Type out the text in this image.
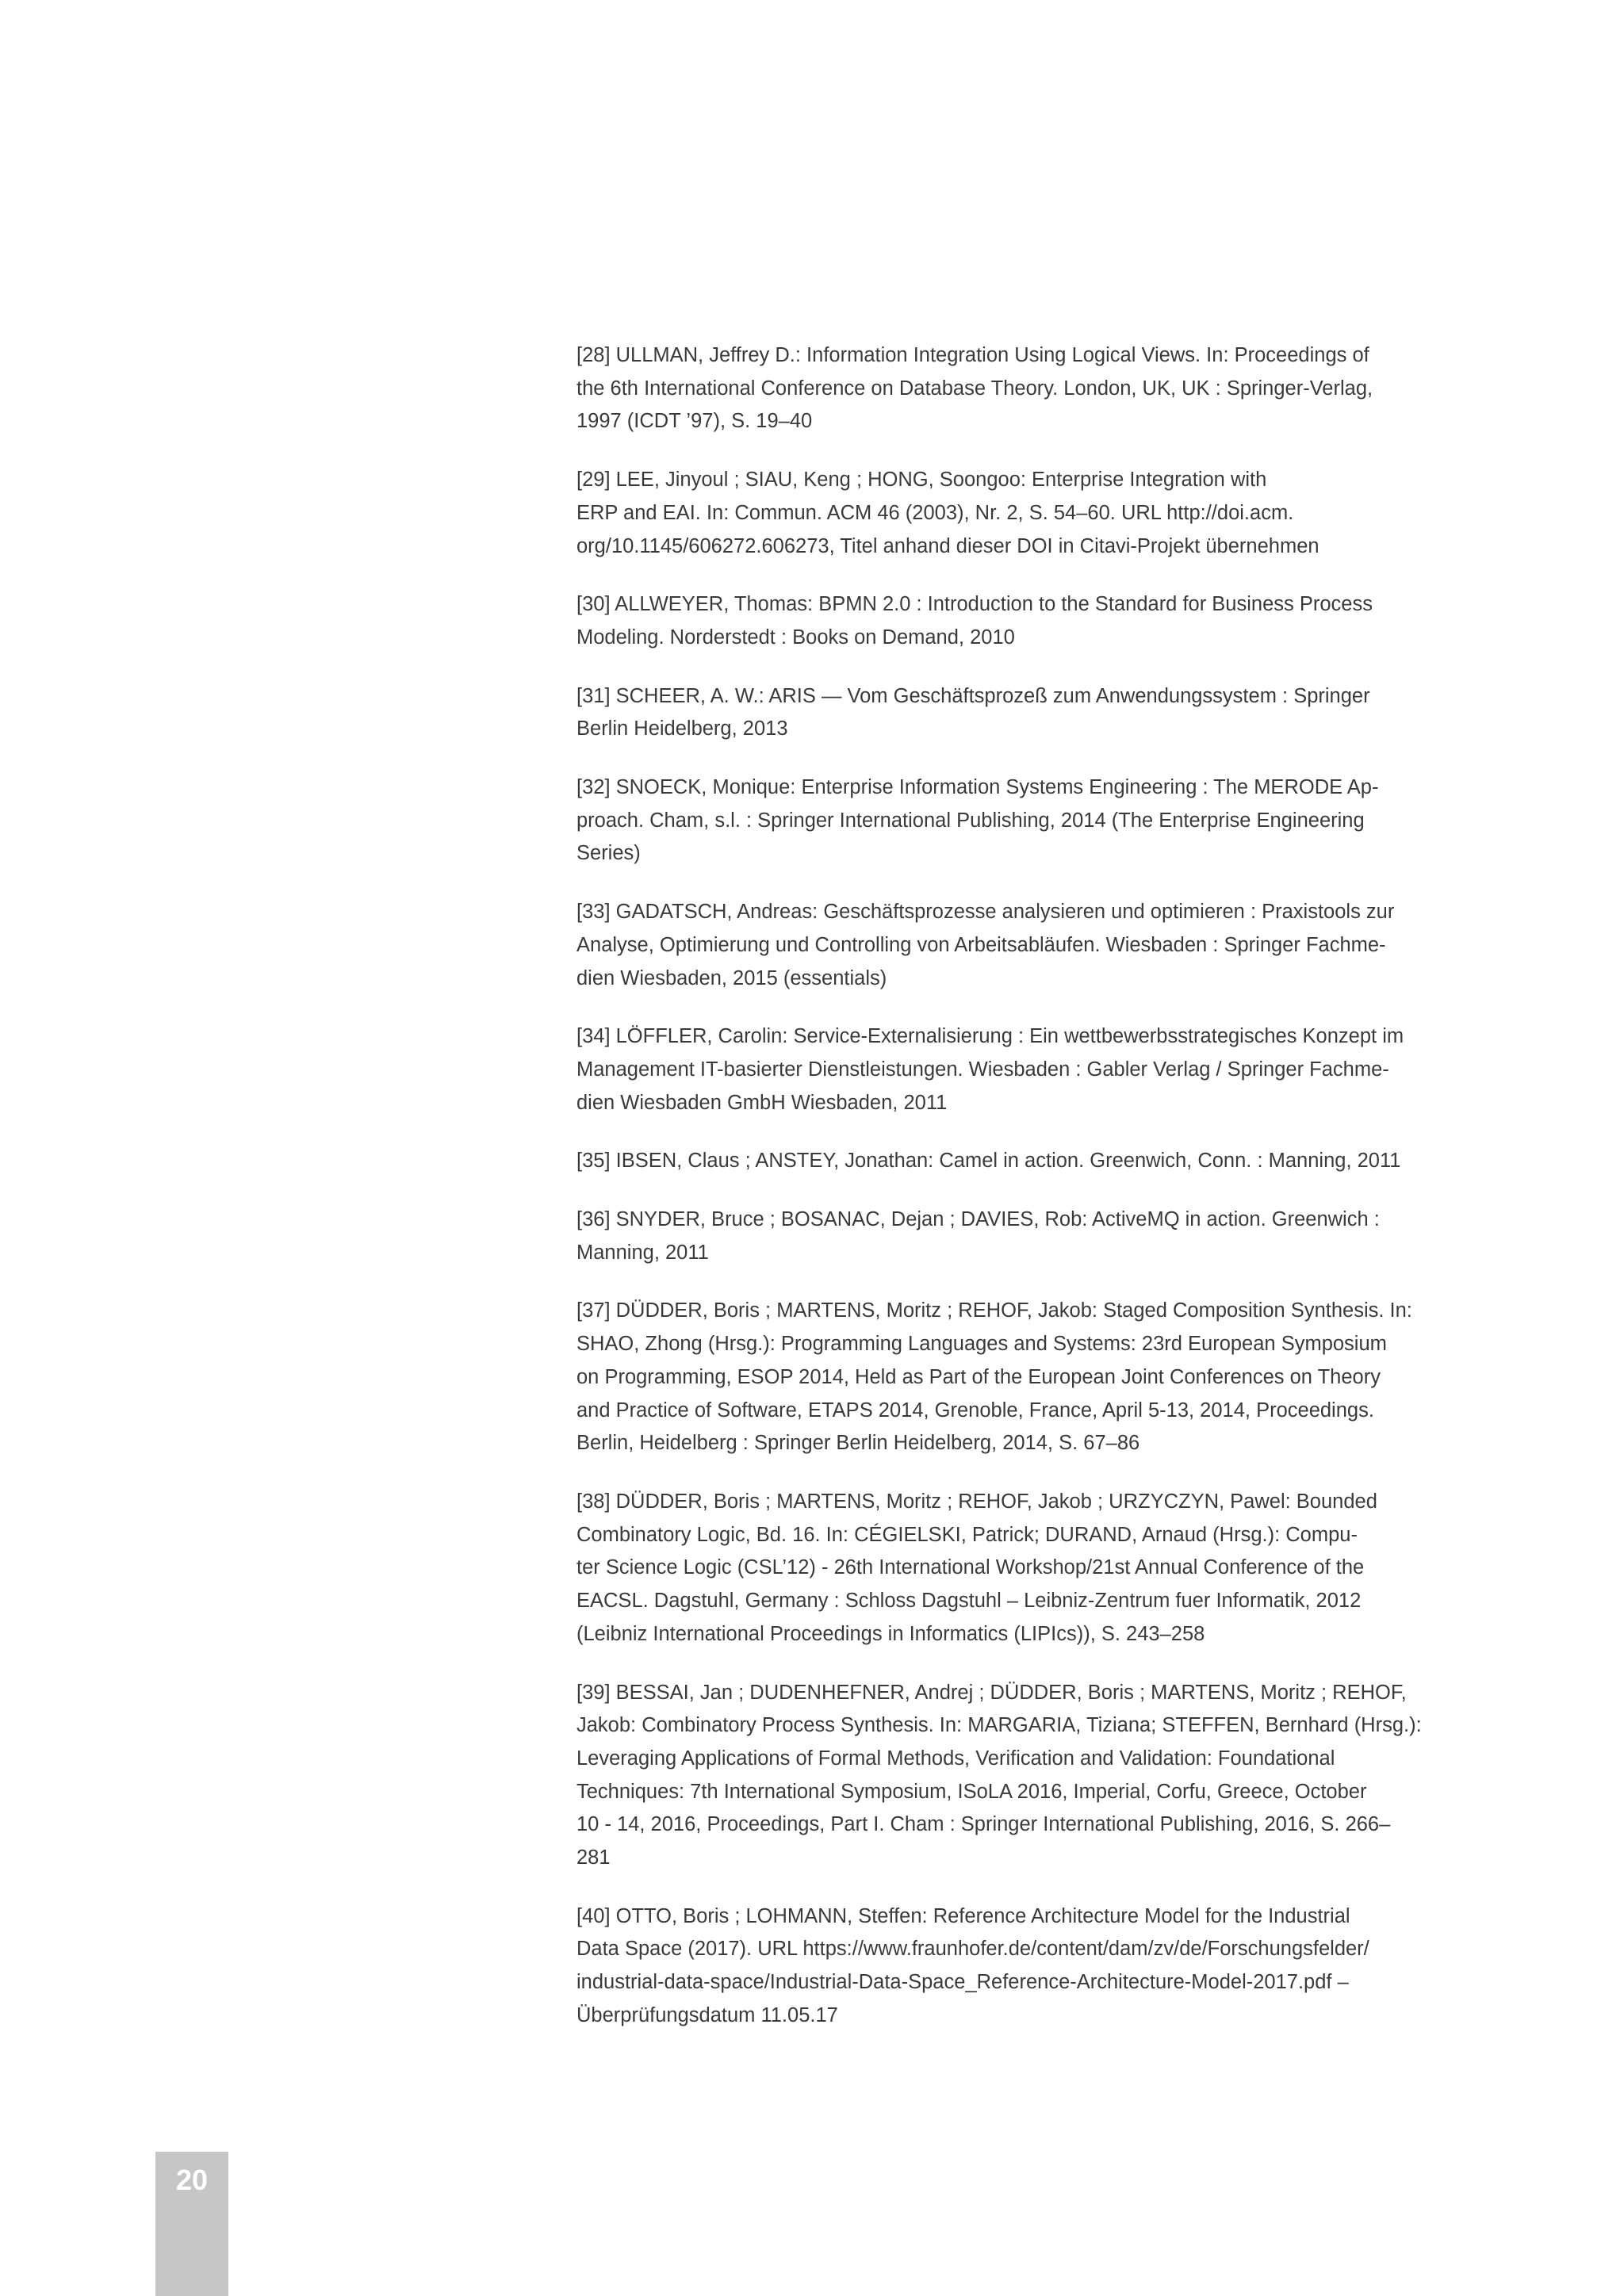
[28] ULLMAN, Jeffrey D.: Information Integration Using Logical Views. In: Proceedings of
the 6th International Conference on Database Theory. London, UK, UK : Springer-Verlag,
1997 (ICDT ’97), S. 19–40
[29] LEE, Jinyoul ; SIAU, Keng ; HONG, Soongoo: Enterprise Integration with
ERP and EAI. In: Commun. ACM 46 (2003), Nr. 2, S. 54–60. URL http://doi.acm.
org/10.1145/606272.606273, Titel anhand dieser DOI in Citavi-Projekt übernehmen
[30] ALLWEYER, Thomas: BPMN 2.0 : Introduction to the Standard for Business Process
Modeling. Norderstedt : Books on Demand, 2010
[31] SCHEER, A. W.: ARIS — Vom Geschäftsprozeß zum Anwendungssystem : Springer
Berlin Heidelberg, 2013
[32] SNOECK, Monique: Enterprise Information Systems Engineering : The MERODE Ap-
proach. Cham, s.l. : Springer International Publishing, 2014 (The Enterprise Engineering
Series)
[33] GADATSCH, Andreas: Geschäftsprozesse analysieren und optimieren : Praxistools zur
Analyse, Optimierung und Controlling von Arbeitsabläufen. Wiesbaden : Springer Fachme-
dien Wiesbaden, 2015 (essentials)
[34] LÖFFLER, Carolin: Service-Externalisierung : Ein wettbewerbsstrategisches Konzept im
Management IT-basierter Dienstleistungen. Wiesbaden : Gabler Verlag / Springer Fachme-
dien Wiesbaden GmbH Wiesbaden, 2011
[35] IBSEN, Claus ; ANSTEY, Jonathan: Camel in action. Greenwich, Conn. : Manning, 2011
[36] SNYDER, Bruce ; BOSANAC, Dejan ; DAVIES, Rob: ActiveMQ in action. Greenwich :
Manning, 2011
[37] DÜDDER, Boris ; MARTENS, Moritz ; REHOF, Jakob: Staged Composition Synthesis. In:
SHAO, Zhong (Hrsg.): Programming Languages and Systems: 23rd European Symposium
on Programming, ESOP 2014, Held as Part of the European Joint Conferences on Theory
and Practice of Software, ETAPS 2014, Grenoble, France, April 5-13, 2014, Proceedings.
Berlin, Heidelberg : Springer Berlin Heidelberg, 2014, S. 67–86
[38] DÜDDER, Boris ; MARTENS, Moritz ; REHOF, Jakob ; URZYCZYN, Pawel: Bounded
Combinatory Logic, Bd. 16. In: CÉGIELSKI, Patrick; DURAND, Arnaud (Hrsg.): Compu-
ter Science Logic (CSL’12) - 26th International Workshop/21st Annual Conference of the
EACSL. Dagstuhl, Germany : Schloss Dagstuhl – Leibniz-Zentrum fuer Informatik, 2012
(Leibniz International Proceedings in Informatics (LIPIcs)), S. 243–258
[39] BESSAI, Jan ; DUDENHEFNER, Andrej ; DÜDDER, Boris ; MARTENS, Moritz ; REHOF,
Jakob: Combinatory Process Synthesis. In: MARGARIA, Tiziana; STEFFEN, Bernhard (Hrsg.):
Leveraging Applications of Formal Methods, Verification and Validation: Foundational
Techniques: 7th International Symposium, ISoLA 2016, Imperial, Corfu, Greece, October
10 - 14, 2016, Proceedings, Part I. Cham : Springer International Publishing, 2016, S. 266–
281
[40] OTTO, Boris ; LOHMANN, Steffen: Reference Architecture Model for the Industrial
Data Space (2017). URL https://www.fraunhofer.de/content/dam/zv/de/Forschungsfelder/
industrial-data-space/Industrial-Data-Space_Reference-Architecture-Model-2017.pdf –
Überprüfungsdatum 11.05.17
20
